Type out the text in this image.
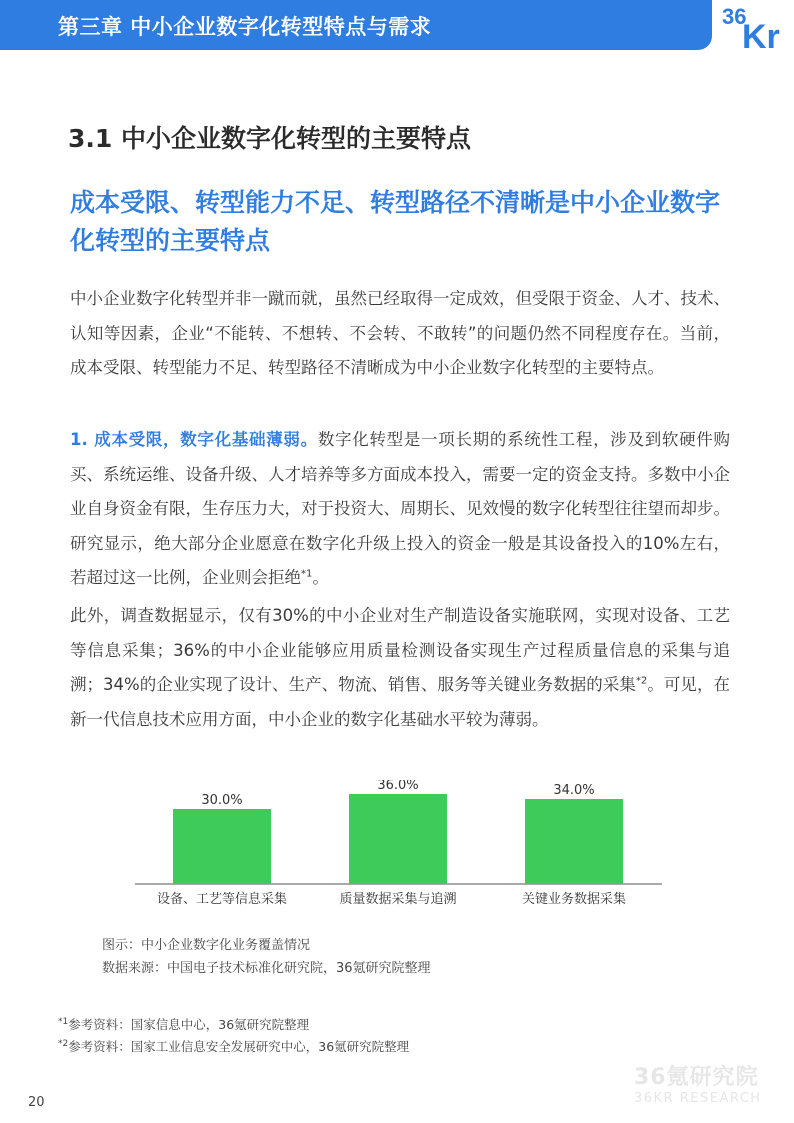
第三章 中小企业数字化转型特点与需求	36
Kr
3.1 中小企业数字化转型的主要特点
成本受限、转型能力不足、转型路径不清晰是中小企业数字化转型的主要特点
中小企业数字化转型并非一蹴而就，虽然已经取得一定成效，但受限于资金、人才、技术、认知等因素，企业“不能转、不想转、不会转、不敢转”的问题仍然不同程度存在。当前，成本受限、转型能力不足、转型路径不清晰成为中小企业数字化转型的主要特点。
1. 成本受限，数字化基础薄弱。数字化转型是一项长期的系统性工程，涉及到软硬件购买、系统运维、设备升级、人才培养等多方面成本投入，需要一定的资金支持。多数中小企业自身资金有限，生存压力大，对于投资大、周期长、见效慢的数字化转型往往望而却步。研究显示，绝大部分企业愿意在数字化升级上投入的资金一般是其设备投入的10%左右，若超过这一比例，企业则会拒绝$^{*1}$。
此外，调查数据显示，仅有30%的中小企业对生产制造设备实施联网，实现对设备、工艺等信息采集；36%的中小企业能够应用质量检测设备实现生产过程质量信息的采集与追溯；34%的企业实现了设计、生产、物流、销售、服务等关键业务数据的采集$^{*2}$。可见，在新一代信息技术应用方面，中小企业的数字化基础水平较为薄弱。
30.0%
设备、工艺等信息采集
36.0%
质量数据采集与追溯
34.0%
关键业务数据采集
图示：中小企业数字化业务覆盖情况
数据来源：中国电子技术标准化研究院，36氪研究院整理
$^{*1}$参考资料：国家信息中心，36氪研究院整理
$^{*2}$参考资料：国家工业信息安全发展研究中心，36氪研究院整理
20
36氪研究院
36KR RESEARCH
